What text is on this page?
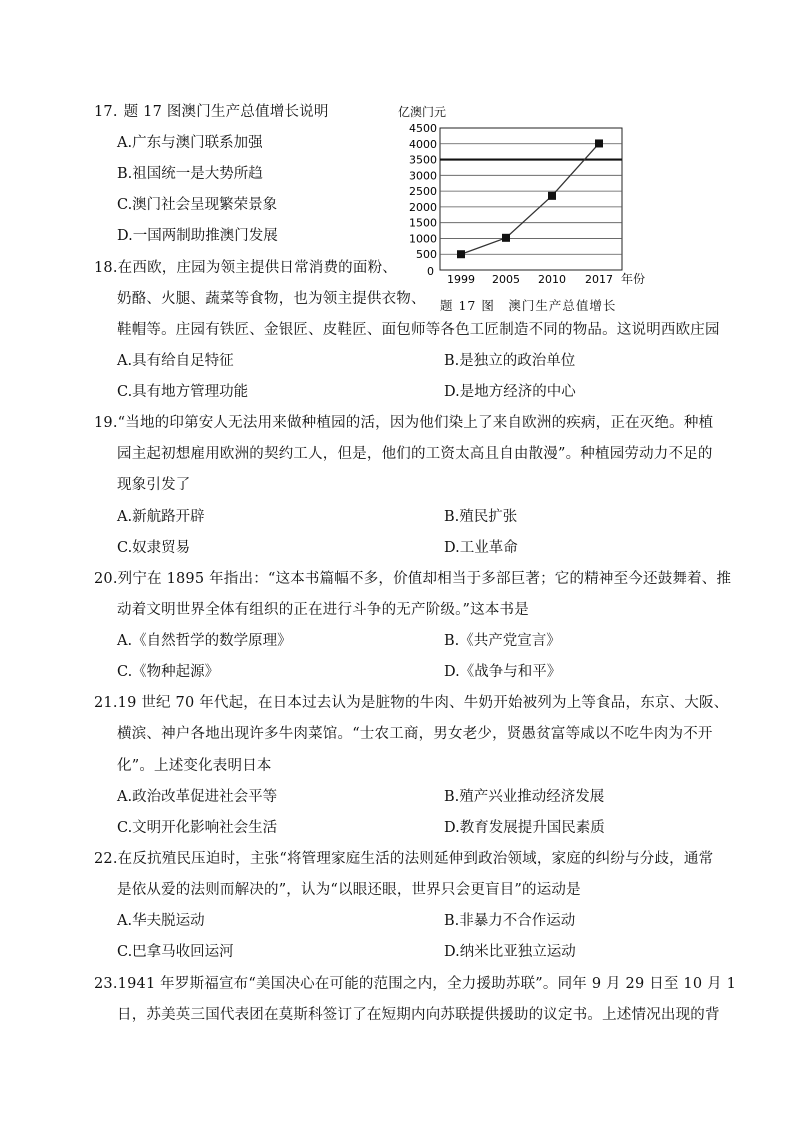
17. 题 17 图澳门生产总值增长说明
A.广东与澳门联系加强
B.祖国统一是大势所趋
C.澳门社会呈现繁荣景象
D.一国两制助推澳门发展
亿澳门元
4500
4000
3500
3000
2500
2000
1500
1000
500
0
1999 2005 2010 2017 年份
题 17 图　澳门生产总值增长
18.在西欧，庄园为领主提供日常消费的面粉、
奶酪、火腿、蔬菜等食物，也为领主提供衣物、
鞋帽等。庄园有铁匠、金银匠、皮鞋匠、面包师等各色工匠制造不同的物品。这说明西欧庄园
A.具有给自足特征	B.是独立的政治单位
C.具有地方管理功能	D.是地方经济的中心
19.“当地的印第安人无法用来做种植园的活，因为他们染上了来自欧洲的疾病，正在灭绝。种植
园主起初想雇用欧洲的契约工人，但是，他们的工资太高且自由散漫”。种植园劳动力不足的
现象引发了
A.新航路开辟	B.殖民扩张
C.奴隶贸易	D.工业革命
20.列宁在 1895 年指出：“这本书篇幅不多，价值却相当于多部巨著；它的精神至今还鼓舞着、推
动着文明世界全体有组织的正在进行斗争的无产阶级。”这本书是
A.《自然哲学的数学原理》	B.《共产党宣言》
C.《物种起源》	D.《战争与和平》
21.19 世纪 70 年代起，在日本过去认为是脏物的牛肉、牛奶开始被列为上等食品，东京、大阪、
横滨、神户各地出现许多牛肉菜馆。“士农工商，男女老少，贤愚贫富等咸以不吃牛肉为不开
化”。上述变化表明日本
A.政治改革促进社会平等	B.殖产兴业推动经济发展
C.文明开化影响社会生活	D.教育发展提升国民素质
22.在反抗殖民压迫时，主张“将管理家庭生活的法则延伸到政治领域，家庭的纠纷与分歧，通常
是依从爱的法则而解决的”，认为“以眼还眼，世界只会更盲目”的运动是
A.华夫脱运动	B.非暴力不合作运动
C.巴拿马收回运河	D.纳米比亚独立运动
23.1941 年罗斯福宣布“美国决心在可能的范围之内，全力援助苏联”。同年 9 月 29 日至 10 月 1
日，苏美英三国代表团在莫斯科签订了在短期内向苏联提供援助的议定书。上述情况出现的背
